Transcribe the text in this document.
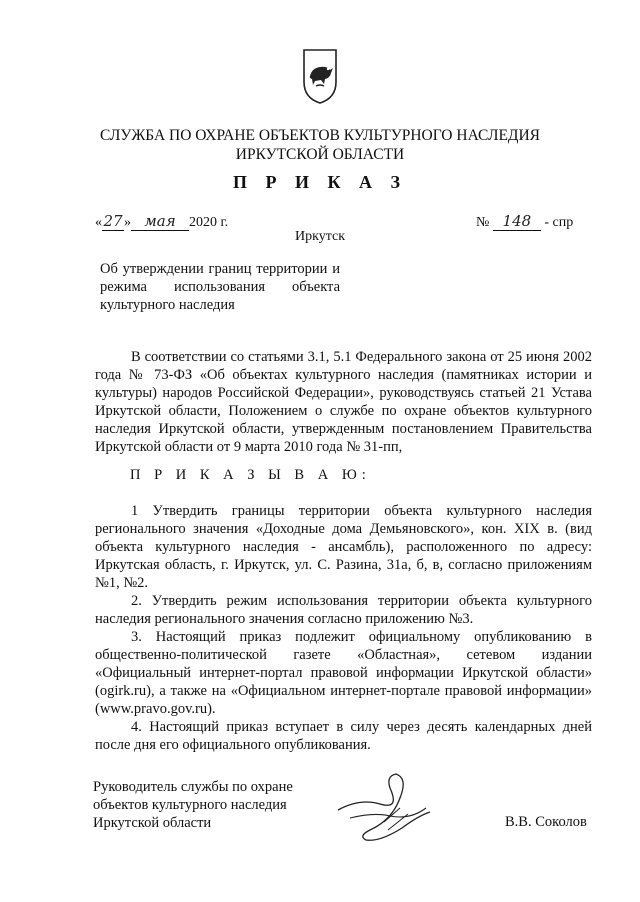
СЛУЖБА ПО ОХРАНЕ ОБЪЕКТОВ КУЛЬТУРНОГО НАСЛЕДИЯ
ИРКУТСКОЙ ОБЛАСТИ
П Р И К А З
«27» мая 2020 г.	№ 148 - спр
Иркутск
Об утверждении границ территории и
режима использования объекта
культурного наследия

В соответствии со статьями 3.1, 5.1 Федерального закона от 25 июня 2002 года № 73-ФЗ «Об объектах культурного наследия (памятниках истории и культуры) народов Российской Федерации», руководствуясь статьей 21 Устава Иркутской области, Положением о службе по охране объектов культурного наследия Иркутской области, утвержденным постановлением Правительства Иркутской области от 9 марта 2010 года № 31-пп,

П Р И К А З Ы В А Ю:

1 Утвердить границы территории объекта культурного наследия регионального значения «Доходные дома Демьяновского», кон. XIX в. (вид объекта культурного наследия - ансамбль), расположенного по адресу: Иркутская область, г. Иркутск, ул. С. Разина, 31а, б, в, согласно приложениям №1, №2.

2. Утвердить режим использования территории объекта культурного наследия регионального значения согласно приложению №3.

3. Настоящий приказ подлежит официальному опубликованию в общественно-политической газете «Областная», сетевом издании «Официальный интернет-портал правовой информации Иркутской области» (ogirk.ru), а также на «Официальном интернет-портале правовой информации» (www.pravo.gov.ru).

4. Настоящий приказ вступает в силу через десять календарных дней после дня его официального опубликования.

Руководитель службы по охране
объектов культурного наследия
Иркутской области	В.В. Соколов
